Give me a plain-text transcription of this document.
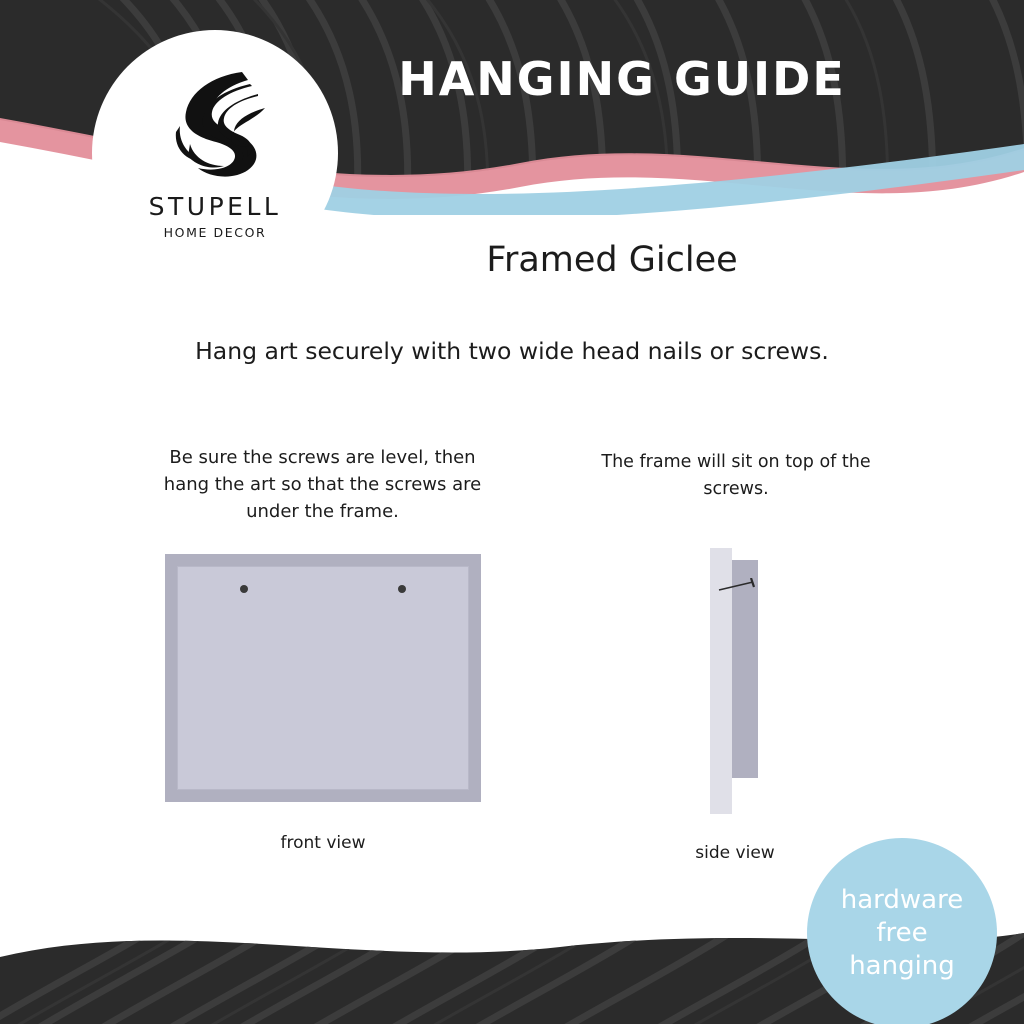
STUPELL
HOME DECOR
HANGING GUIDE
Framed Giclee
Hang art securely with two wide head nails or screws.
Be sure the screws are level, then hang the art so that the screws are under the frame.
The frame will sit on top of the screws.
front view	side view
hardware
free
hanging
